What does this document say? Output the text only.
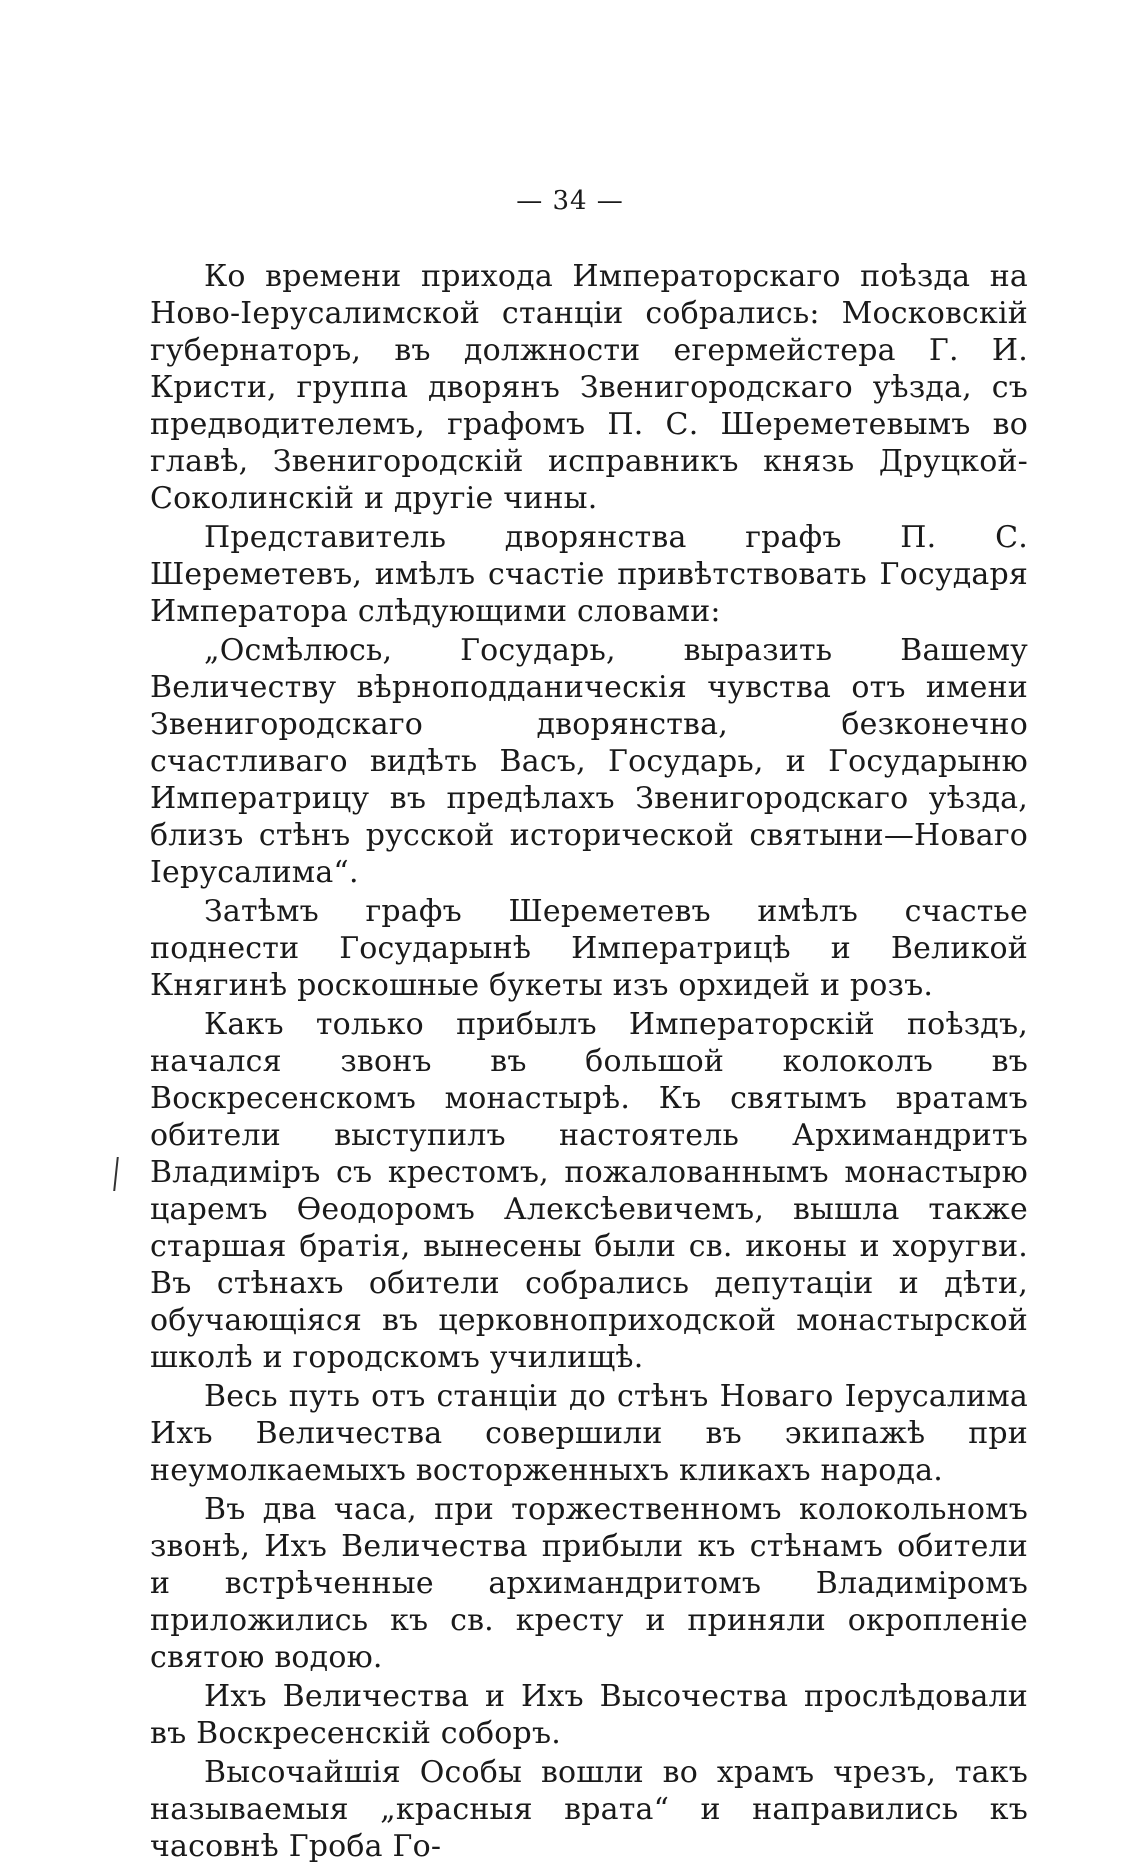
— 34 —

Ко времени прихода Императорскаго поѣзда на Ново-Іерусалимской станціи собрались: Московскій губернаторъ, въ должности егермейстера Г. И. Кристи, группа дворянъ Звенигородскаго уѣзда, съ предводителемъ, графомъ П. С. Шереметевымъ во главѣ, Звенигородскій исправникъ князь Друцкой-Соколинскій и другіе чины.

Представитель дворянства графъ П. С. Шереметевъ, имѣлъ счастіе привѣтствовать Государя Императора слѣдующими словами:

„Осмѣлюсь, Государь, выразить Вашему Величеству вѣрноподданическія чувства отъ имени Звенигородскаго дворянства, безконечно счастливаго видѣть Васъ, Государь, и Государыню Императрицу въ предѣлахъ Звенигородскаго уѣзда, близъ стѣнъ русской исторической святыни—Новаго Іерусалима“.

Затѣмъ графъ Шереметевъ имѣлъ счастье поднести Государынѣ Императрицѣ и Великой Княгинѣ роскошные букеты изъ орхидей и розъ.

Какъ только прибылъ Императорскій поѣздъ, начался звонъ въ большой колоколъ въ Воскресенскомъ монастырѣ. Къ святымъ вратамъ обители выступилъ настоятель Архимандритъ Владиміръ съ крестомъ, пожалованнымъ монастырю царемъ Ѳеодоромъ Алексѣевичемъ, вышла также старшая братія, вынесены были св. иконы и хоругви. Въ стѣнахъ обители собрались депутаціи и дѣти, обучающіяся въ церковноприходской монастырской школѣ и городскомъ училищѣ.

Весь путь отъ станціи до стѣнъ Новаго Іерусалима Ихъ Величества совершили въ экипажѣ при неумолкаемыхъ восторженныхъ кликахъ народа.

Въ два часа, при торжественномъ колокольномъ звонѣ, Ихъ Величества прибыли къ стѣнамъ обители и встрѣченные архимандритомъ Владиміромъ приложились къ св. кресту и приняли окропленіе святою водою.

Ихъ Величества и Ихъ Высочества прослѣдовали въ Воскресенскій соборъ.

Высочайшія Особы вошли во храмъ чрезъ, такъ называемыя „красныя врата“ и направились къ часовнѣ Гроба Го-
